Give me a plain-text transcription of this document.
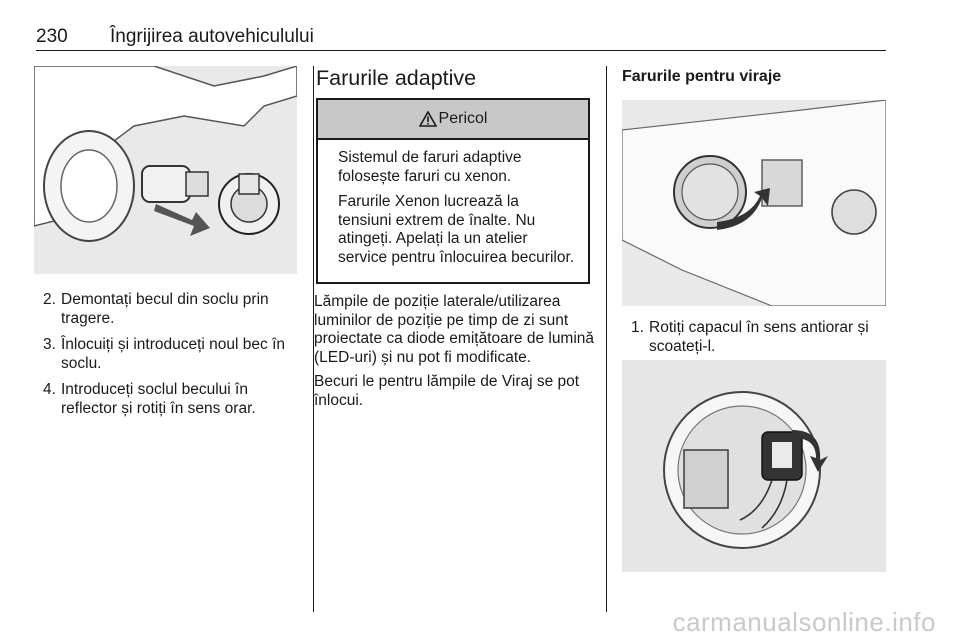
230 Îngrijirea autovehiculului
2. Demontați becul din soclu prin tragere.
3. Înlocuiți și introduceți noul bec în soclu.
4. Introduceți soclul becului în reflector și rotiți în sens orar.
Farurile adaptive
Pericol

Sistemul de faruri adaptive folosește faruri cu xenon.

Farurile Xenon lucrează la tensiuni extrem de înalte. Nu atingeți. Apelați la un atelier service pentru înlocuirea becurilor.

Lămpile de poziție laterale/utilizarea luminilor de poziție pe timp de zi sunt proiectate ca diode emițătoare de lumină (LED-uri) și nu pot fi modificate.

Becuri le pentru lămpile de Viraj se pot înlocui.

Farurile pentru viraje
1. Rotiți capacul în sens antiorar și scoateți-l.
carmanualsonline.info
